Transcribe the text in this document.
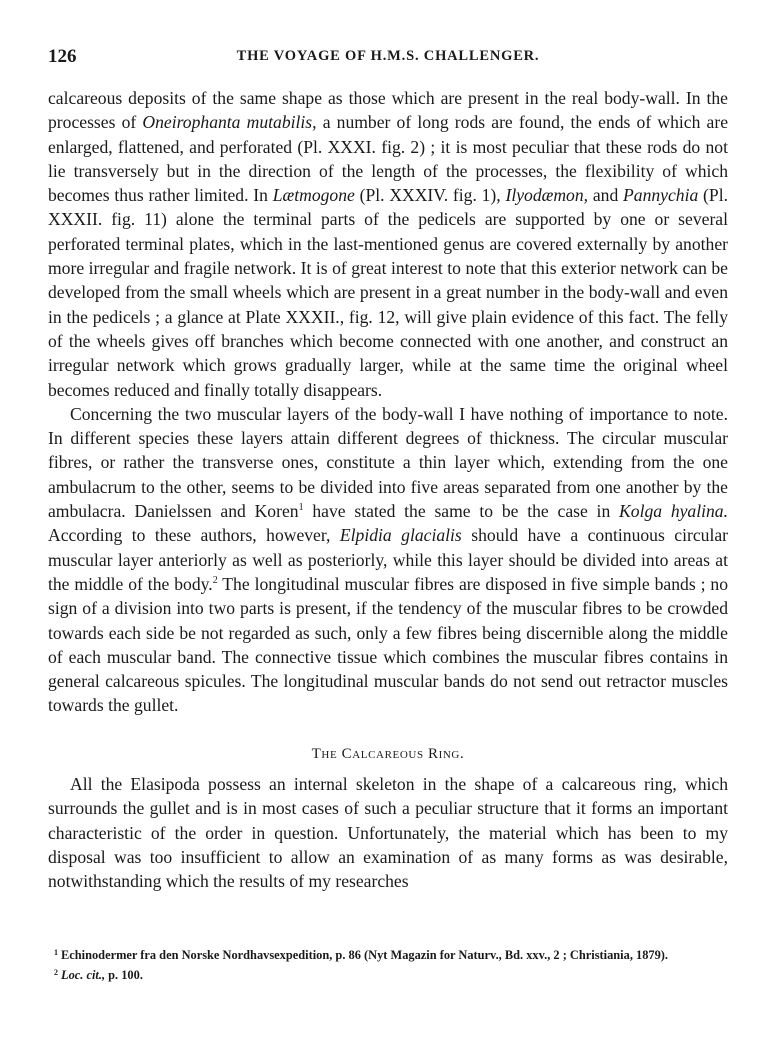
126	THE VOYAGE OF H.M.S. CHALLENGER.

calcareous deposits of the same shape as those which are present in the real body-wall. In the processes of Oneirophanta mutabilis, a number of long rods are found, the ends of which are enlarged, flattened, and perforated (Pl. XXXI. fig. 2) ; it is most peculiar that these rods do not lie transversely but in the direction of the length of the processes, the flexibility of which becomes thus rather limited. In Lætmogone (Pl. XXXIV. fig. 1), Ilyodæmon, and Pannychia (Pl. XXXII. fig. 11) alone the terminal parts of the pedicels are supported by one or several perforated terminal plates, which in the last-mentioned genus are covered externally by another more irregular and fragile network. It is of great interest to note that this exterior network can be developed from the small wheels which are present in a great number in the body-wall and even in the pedicels ; a glance at Plate XXXII., fig. 12, will give plain evidence of this fact. The felly of the wheels gives off branches which become connected with one another, and construct an irregular network which grows gradually larger, while at the same time the original wheel becomes reduced and finally totally disappears.

Concerning the two muscular layers of the body-wall I have nothing of importance to note. In different species these layers attain different degrees of thickness. The circular muscular fibres, or rather the transverse ones, constitute a thin layer which, extending from the one ambulacrum to the other, seems to be divided into five areas separated from one another by the ambulacra. Danielssen and Koren$^1$ have stated the same to be the case in Kolga hyalina. According to these authors, however, Elpidia glacialis should have a continuous circular muscular layer anteriorly as well as posteriorly, while this layer should be divided into areas at the middle of the body.$^2$ The longitudinal muscular fibres are disposed in five simple bands ; no sign of a division into two parts is present, if the tendency of the muscular fibres to be crowded towards each side be not regarded as such, only a few fibres being discernible along the middle of each muscular band. The connective tissue which combines the muscular fibres contains in general calcareous spicules. The longitudinal muscular bands do not send out retractor muscles towards the gullet.

The Calcareous Ring.

All the Elasipoda possess an internal skeleton in the shape of a calcareous ring, which surrounds the gullet and is in most cases of such a peculiar structure that it forms an important characteristic of the order in question. Unfortunately, the material which has been to my disposal was too insufficient to allow an examination of as many forms as was desirable, notwithstanding which the results of my researches

$^1$ Echinodermer fra den Norske Nordhavsexpedition, p. 86 (Nyt Magazin for Naturv., Bd. xxv., 2 ; Christiania, 1879).
$^2$ Loc. cit., p. 100.
